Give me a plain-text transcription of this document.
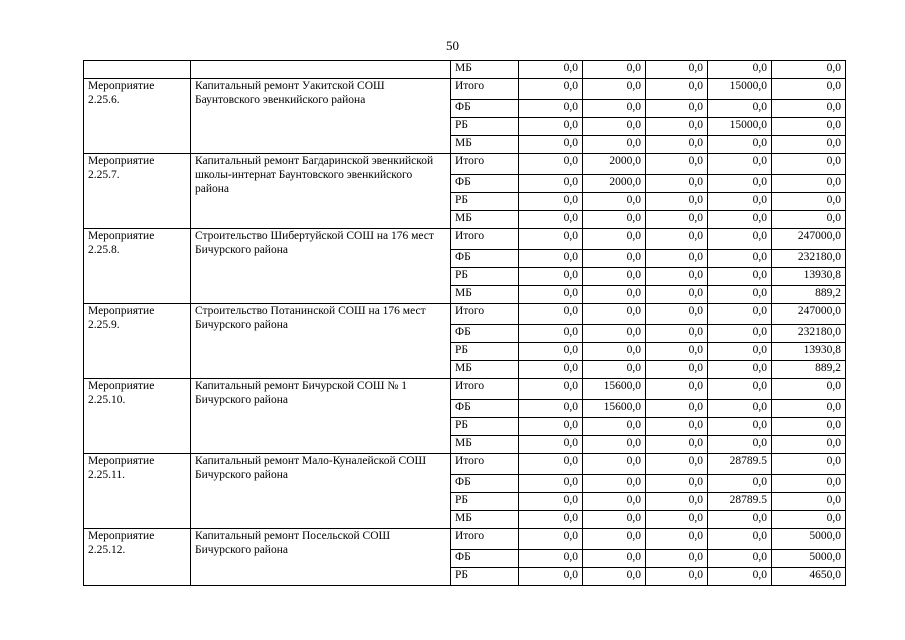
50
		МБ	0,0	0,0	0,0	0,0	0,0
Мероприятие 2.25.6.	Капитальный ремонт Уакитской СОШ Баунтовского эвенкийского района	Итого	0,0	0,0	0,0	15000,0	0,0
		ФБ	0,0	0,0	0,0	0,0	0,0
		РБ	0,0	0,0	0,0	15000,0	0,0
		МБ	0,0	0,0	0,0	0,0	0,0
Мероприятие 2.25.7.	Капитальный ремонт Багдаринской эвенкийской школы-интернат Баунтовского эвенкийского района	Итого	0,0	2000,0	0,0	0,0	0,0
		ФБ	0,0	2000,0	0,0	0,0	0,0
		РБ	0,0	0,0	0,0	0,0	0,0
		МБ	0,0	0,0	0,0	0,0	0,0
Мероприятие 2.25.8.	Строительство Шибертуйской СОШ на 176 мест Бичурского района	Итого	0,0	0,0	0,0	0,0	247000,0
		ФБ	0,0	0,0	0,0	0,0	232180,0
		РБ	0,0	0,0	0,0	0,0	13930,8
		МБ	0,0	0,0	0,0	0,0	889,2
Мероприятие 2.25.9.	Строительство Потанинской СОШ на 176 мест Бичурского района	Итого	0,0	0,0	0,0	0,0	247000,0
		ФБ	0,0	0,0	0,0	0,0	232180,0
		РБ	0,0	0,0	0,0	0,0	13930,8
		МБ	0,0	0,0	0,0	0,0	889,2
Мероприятие 2.25.10.	Капитальный ремонт Бичурской СОШ № 1 Бичурского района	Итого	0,0	15600,0	0,0	0,0	0,0
		ФБ	0,0	15600,0	0,0	0,0	0,0
		РБ	0,0	0,0	0,0	0,0	0,0
		МБ	0,0	0,0	0,0	0,0	0,0
Мероприятие 2.25.11.	Капитальный ремонт Мало-Куналейской СОШ Бичурского района	Итого	0,0	0,0	0,0	28789.5	0,0
		ФБ	0,0	0,0	0,0	0,0	0,0
		РБ	0,0	0,0	0,0	28789.5	0,0
		МБ	0,0	0,0	0,0	0,0	0,0
Мероприятие 2.25.12.	Капитальный ремонт Посельской СОШ Бичурского района	Итого	0,0	0,0	0,0	0,0	5000,0
		ФБ	0,0	0,0	0,0	0,0	5000,0
		РБ	0,0	0,0	0,0	0,0	4650,0
